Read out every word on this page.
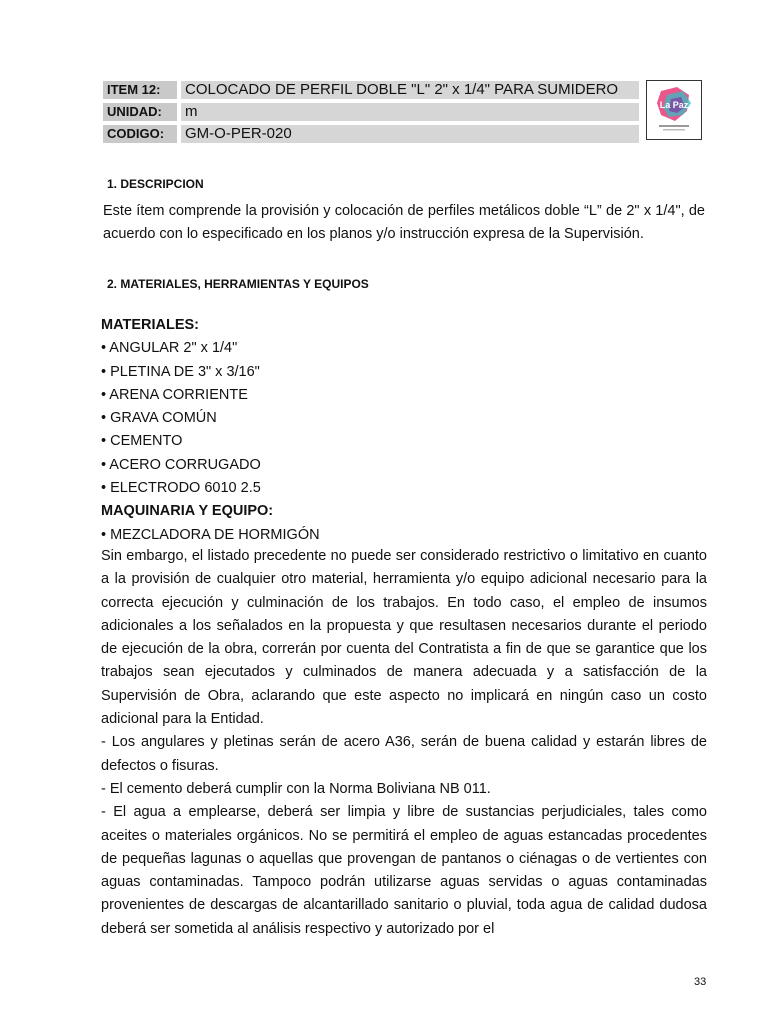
ITEM 12:	COLOCADO DE PERFIL DOBLE "L" 2" x 1/4" PARA SUMIDERO
UNIDAD:	m
CODIGO:	GM-O-PER-020
La Paz
1. DESCRIPCION

Este ítem comprende la provisión y colocación de perfiles metálicos doble “L” de 2" x 1/4", de acuerdo con lo especificado en los planos y/o instrucción expresa de la Supervisión.

2. MATERIALES, HERRAMIENTAS Y EQUIPOS
MATERIALES:
• ANGULAR 2" x 1/4"
• PLETINA DE 3" x 3/16"
• ARENA CORRIENTE
• GRAVA COMÚN
• CEMENTO
• ACERO CORRUGADO
• ELECTRODO 6010 2.5
MAQUINARIA Y EQUIPO:
• MEZCLADORA DE HORMIGÓN

Sin embargo, el listado precedente no puede ser considerado restrictivo o limitativo en cuanto a la provisión de cualquier otro material, herramienta y/o equipo adicional necesario para la correcta ejecución y culminación de los trabajos. En todo caso, el empleo de insumos adicionales a los señalados en la propuesta y que resultasen necesarios durante el periodo de ejecución de la obra, correrán por cuenta del Contratista a fin de que se garantice que los trabajos sean ejecutados y culminados de manera adecuada y a satisfacción de la Supervisión de Obra, aclarando que este aspecto no implicará en ningún caso un costo adicional para la Entidad.

- Los angulares y pletinas serán de acero A36, serán de buena calidad y estarán libres de defectos o fisuras.

- El cemento deberá cumplir con la Norma Boliviana NB 011.

- El agua a emplearse, deberá ser limpia y libre de sustancias perjudiciales, tales como aceites o materiales orgánicos. No se permitirá el empleo de aguas estancadas procedentes de pequeñas lagunas o aquellas que provengan de pantanos o ciénagas o de vertientes con aguas contaminadas. Tampoco podrán utilizarse aguas servidas o aguas contaminadas provenientes de descargas de alcantarillado sanitario o pluvial, toda agua de calidad dudosa deberá ser sometida al análisis respectivo y autorizado por el

33
